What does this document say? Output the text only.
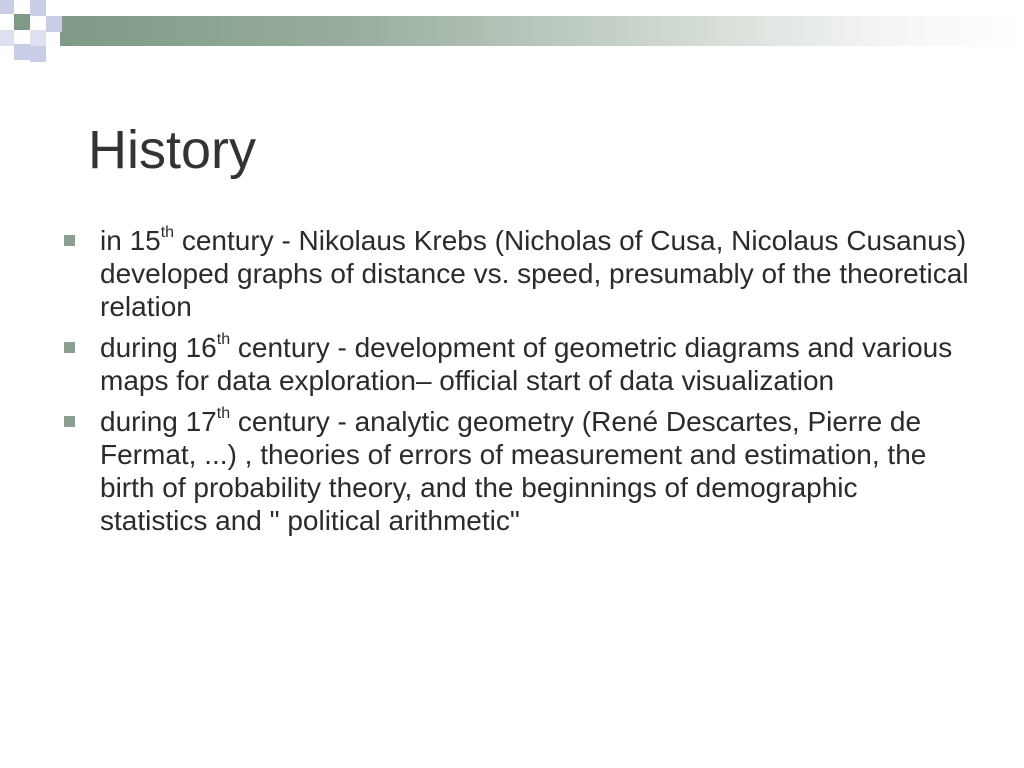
History
in 15th century - Nikolaus Krebs (Nicholas of Cusa, Nicolaus Cusanus) developed graphs of distance vs. speed, presumably of the theoretical relation
during 16th century - development of geometric diagrams and various maps for data exploration– official start of data visualization
during 17th century - analytic geometry (René Descartes, Pierre de Fermat, ...) , theories of errors of measurement and estimation, the birth of probability theory, and the beginnings of demographic statistics and " political arithmetic"
